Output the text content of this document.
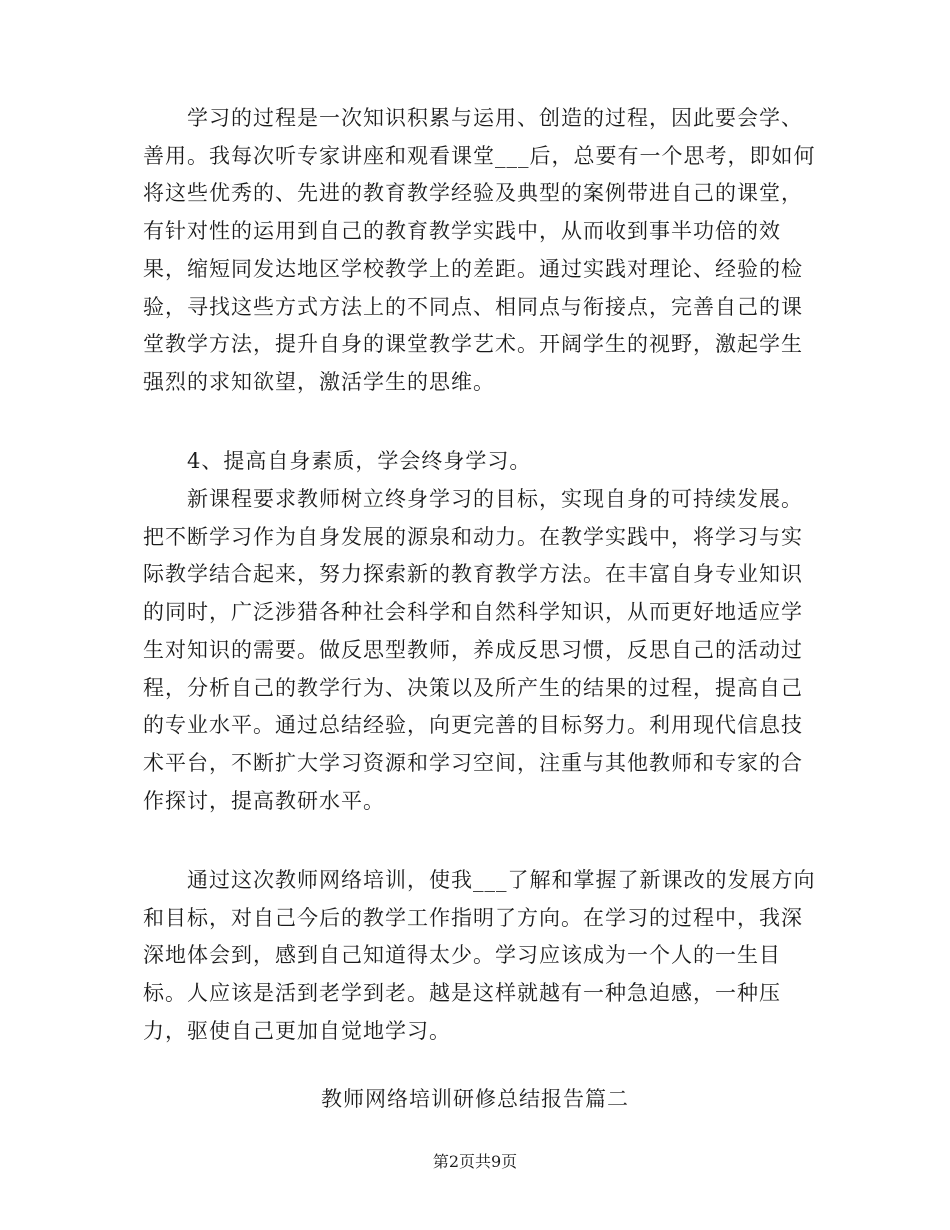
学习的过程是一次知识积累与运用、创造的过程，因此要会学、
善用。我每次听专家讲座和观看课堂___后，总要有一个思考，即如何
将这些优秀的、先进的教育教学经验及典型的案例带进自己的课堂，
有针对性的运用到自己的教育教学实践中，从而收到事半功倍的效
果，缩短同发达地区学校教学上的差距。通过实践对理论、经验的检
验，寻找这些方式方法上的不同点、相同点与衔接点，完善自己的课
堂教学方法，提升自身的课堂教学艺术。开阔学生的视野，激起学生
强烈的求知欲望，激活学生的思维。
4、提高自身素质，学会终身学习。
新课程要求教师树立终身学习的目标，实现自身的可持续发展。
把不断学习作为自身发展的源泉和动力。在教学实践中，将学习与实
际教学结合起来，努力探索新的教育教学方法。在丰富自身专业知识
的同时，广泛涉猎各种社会科学和自然科学知识，从而更好地适应学
生对知识的需要。做反思型教师，养成反思习惯，反思自己的活动过
程，分析自己的教学行为、决策以及所产生的结果的过程，提高自己
的专业水平。通过总结经验，向更完善的目标努力。利用现代信息技
术平台，不断扩大学习资源和学习空间，注重与其他教师和专家的合
作探讨，提高教研水平。
通过这次教师网络培训，使我___了解和掌握了新课改的发展方向
和目标，对自己今后的教学工作指明了方向。在学习的过程中，我深
深地体会到，感到自己知道得太少。学习应该成为一个人的一生目
标。人应该是活到老学到老。越是这样就越有一种急迫感，一种压
力，驱使自己更加自觉地学习。
教师网络培训研修总结报告篇二
第2页共9页
